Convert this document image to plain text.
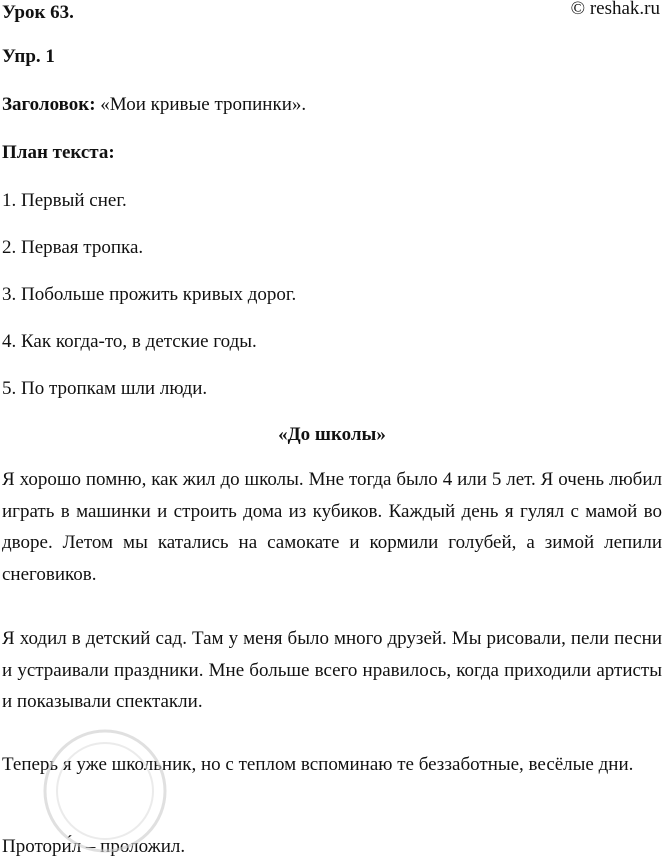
Урок 63.	© reshak.ru

Упр. 1

Заголовок: «Мои кривые тропинки».

План текста:

1. Первый снег.

2. Первая тропка.

3. Побольше прожить кривых дорог.

4. Как когда-то, в детские годы.

5. По тропкам шли люди.

«До школы»

Я хорошо помню, как жил до школы. Мне тогда было 4 или 5 лет. Я очень любил играть в машинки и строить дома из кубиков. Каждый день я гулял с мамой во дворе. Летом мы катались на самокате и кормили голубей, а зимой лепили снеговиков.

Я ходил в детский сад. Там у меня было много друзей. Мы рисовали, пели песни и устраивали праздники. Мне больше всего нравилось, когда приходили артисты и показывали спектакли.

Теперь я уже школьник, но с теплом вспоминаю те беззаботные, весёлые дни.

Протори́л – проложил.
